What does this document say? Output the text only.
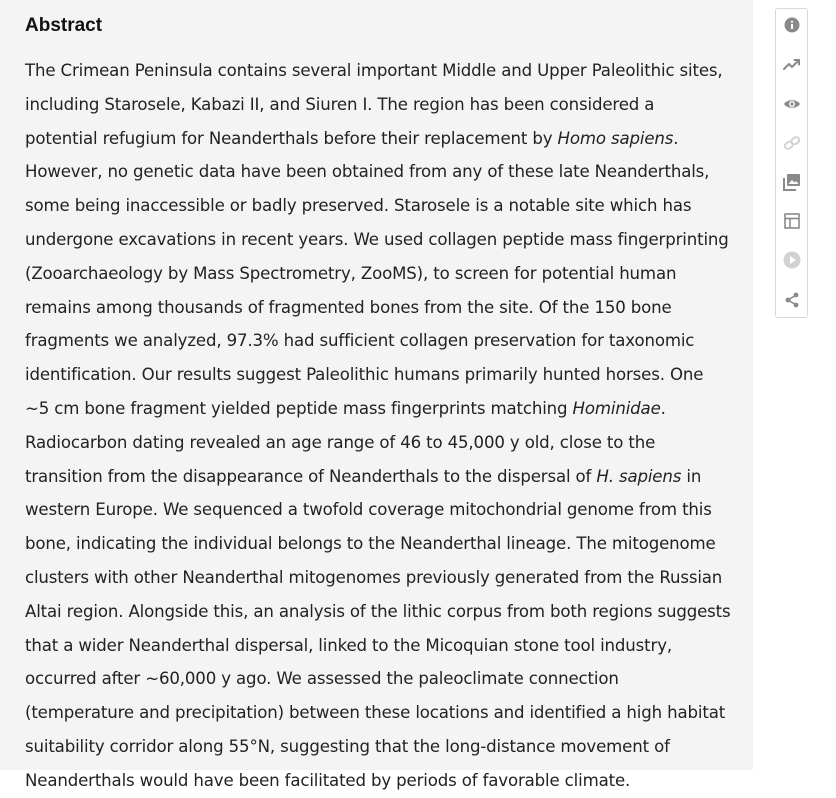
Abstract

The Crimean Peninsula contains several important Middle and Upper Paleolithic sites, including Starosele, Kabazi II, and Siuren I. The region has been considered a potential refugium for Neanderthals before their replacement by Homo sapiens. However, no genetic data have been obtained from any of these late Neanderthals, some being inaccessible or badly preserved. Starosele is a notable site which has undergone excavations in recent years. We used collagen peptide mass fingerprinting (Zooarchaeology by Mass Spectrometry, ZooMS), to screen for potential human remains among thousands of fragmented bones from the site. Of the 150 bone fragments we analyzed, 97.3% had sufficient collagen preservation for taxonomic identification. Our results suggest Paleolithic humans primarily hunted horses. One ~5 cm bone fragment yielded peptide mass fingerprints matching Hominidae. Radiocarbon dating revealed an age range of 46 to 45,000 y old, close to the transition from the disappearance of Neanderthals to the dispersal of H. sapiens in western Europe. We sequenced a twofold coverage mitochondrial genome from this bone, indicating the individual belongs to the Neanderthal lineage. The mitogenome clusters with other Neanderthal mitogenomes previously generated from the Russian Altai region. Alongside this, an analysis of the lithic corpus from both regions suggests that a wider Neanderthal dispersal, linked to the Micoquian stone tool industry, occurred after ~60,000 y ago. We assessed the paleoclimate connection (temperature and precipitation) between these locations and identified a high habitat suitability corridor along 55°N, suggesting that the long-distance movement of Neanderthals would have been facilitated by periods of favorable climate.
